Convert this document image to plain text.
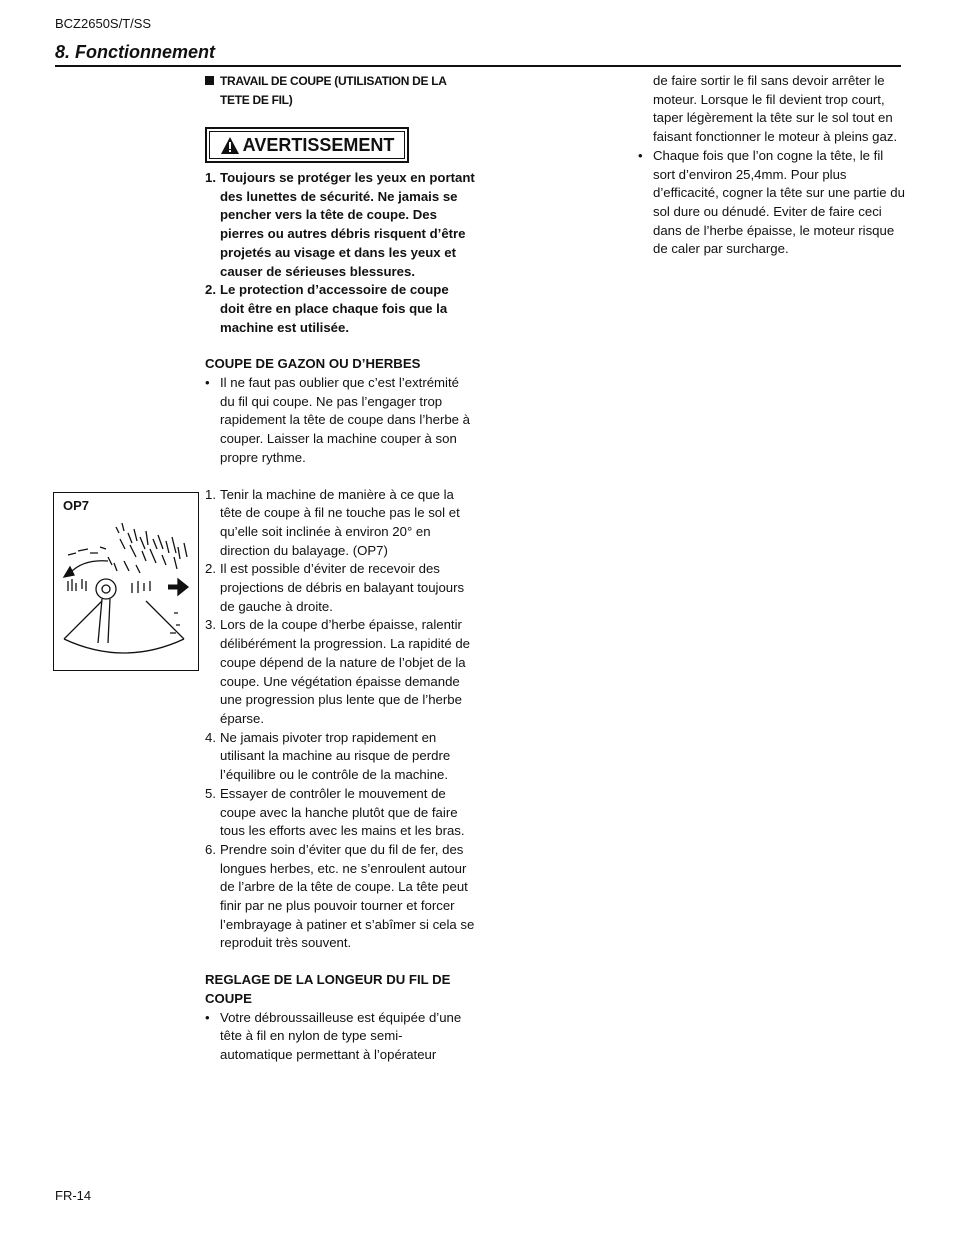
BCZ2650S/T/SS
8. Fonctionnement
OP7
TRAVAIL DE COUPE (UTILISATION DE LA
TETE DE FIL)
AVERTISSEMENT
1. Toujours se protéger les yeux en portant des lunettes de sécurité. Ne jamais se pencher vers la tête de coupe. Des pierres ou autres débris risquent d’être projetés au visage et dans les yeux et causer de sérieuses blessures.
2. Le protection d’accessoire de coupe doit être en place chaque fois que la machine est utilisée.
COUPE DE GAZON OU D’HERBES
• Il ne faut pas oublier que c’est l’extrémité du fil qui coupe. Ne pas l’engager trop rapidement la tête de coupe dans l’herbe à couper. Laisser la machine couper à son propre rythme.
1. Tenir la machine de manière à ce que la tête de coupe à fil ne touche pas le sol et qu’elle soit inclinée à environ 20° en direction du balayage. (OP7)
2. Il est possible d’éviter de recevoir des projections de débris en balayant toujours de gauche à droite.
3. Lors de la coupe d’herbe épaisse, ralentir délibérément la progression. La rapidité de coupe dépend de la nature de l’objet de la coupe. Une végétation épaisse demande une progression plus lente que de l’herbe éparse.
4. Ne jamais pivoter trop rapidement en utilisant la machine au risque de perdre l’équilibre ou le contrôle de la machine.
5. Essayer de contrôler le mouvement de coupe avec la hanche plutôt que de faire tous les efforts avec les mains et les bras.
6. Prendre soin d’éviter que du fil de fer, des longues herbes, etc. ne s’enroulent autour de l’arbre de la tête de coupe. La tête peut finir par ne plus pouvoir tourner et forcer l’embrayage à patiner et s’abîmer si cela se reproduit très souvent.
REGLAGE DE LA LONGEUR DU FIL DE COUPE
• Votre débroussailleuse est équipée d’une tête à fil en nylon de type semi-automatique permettant à l’opérateur
de faire sortir le fil sans devoir arrêter le moteur. Lorsque le fil devient trop court, taper légèrement la tête sur le sol tout en faisant fonctionner le moteur à pleins gaz.
• Chaque fois que l’on cogne la tête, le fil sort d’environ 25,4mm. Pour plus d’efficacité, cogner la tête sur une partie du sol dure ou dénudé. Eviter de faire ceci dans de l’herbe épaisse, le moteur risque de caler par surcharge.
FR-14
